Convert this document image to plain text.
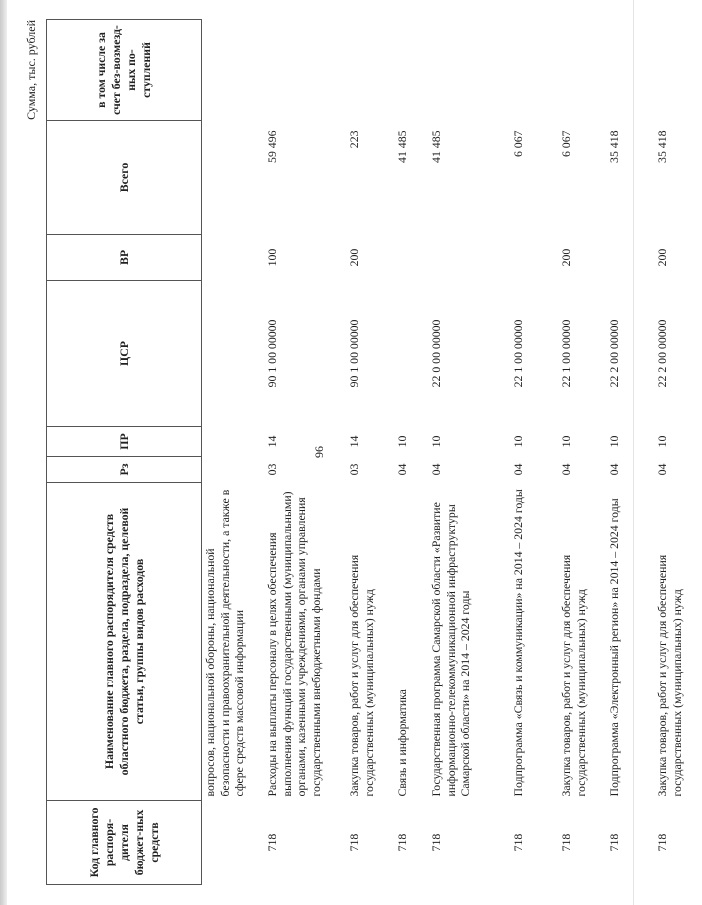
96
Сумма, тыс. рублей
Код главного распоря-дителя бюджет-ных средств	Наименование главного распорядителя средств областного бюджета, раздела, подраздела, целевой статьи, группы видов расходов	Рз	ПР	ЦСР	ВР	Всего	в том числе за счет без-возмезд-ных по-ступлений
	вопросов, национальной обороны, национальной безопасности и правоохранительной деятельности, а также в сфере средств массовой информации						
718	Расходы на выплаты персоналу в целях обеспечения выполнения функций государственными (муниципальными) органами, казенными учреждениями, органами управления государственными внебюджетными фондами	03	14	90 1 00 00000	100	59 496	
718	Закупка товаров, работ и услуг для обеспечения государственных (муниципальных) нужд	03	14	90 1 00 00000	200	223	
718	Связь и информатика	04	10			41 485	
718	Государственная программа Самарской области «Развитие информационно-телекоммуникационной инфраструктуры Самарской области» на 2014 – 2024 годы	04	10	22 0 00 00000		41 485	
718	Подпрограмма «Связь и коммуникации» на 2014 – 2024 годы	04	10	22 1 00 00000		6 067	
718	Закупка товаров, работ и услуг для обеспечения государственных (муниципальных) нужд	04	10	22 1 00 00000	200	6 067	
718	Подпрограмма «Электронный регион» на 2014 – 2024 годы	04	10	22 2 00 00000		35 418	
718	Закупка товаров, работ и услуг для обеспечения государственных (муниципальных) нужд	04	10	22 2 00 00000	200	35 418	
